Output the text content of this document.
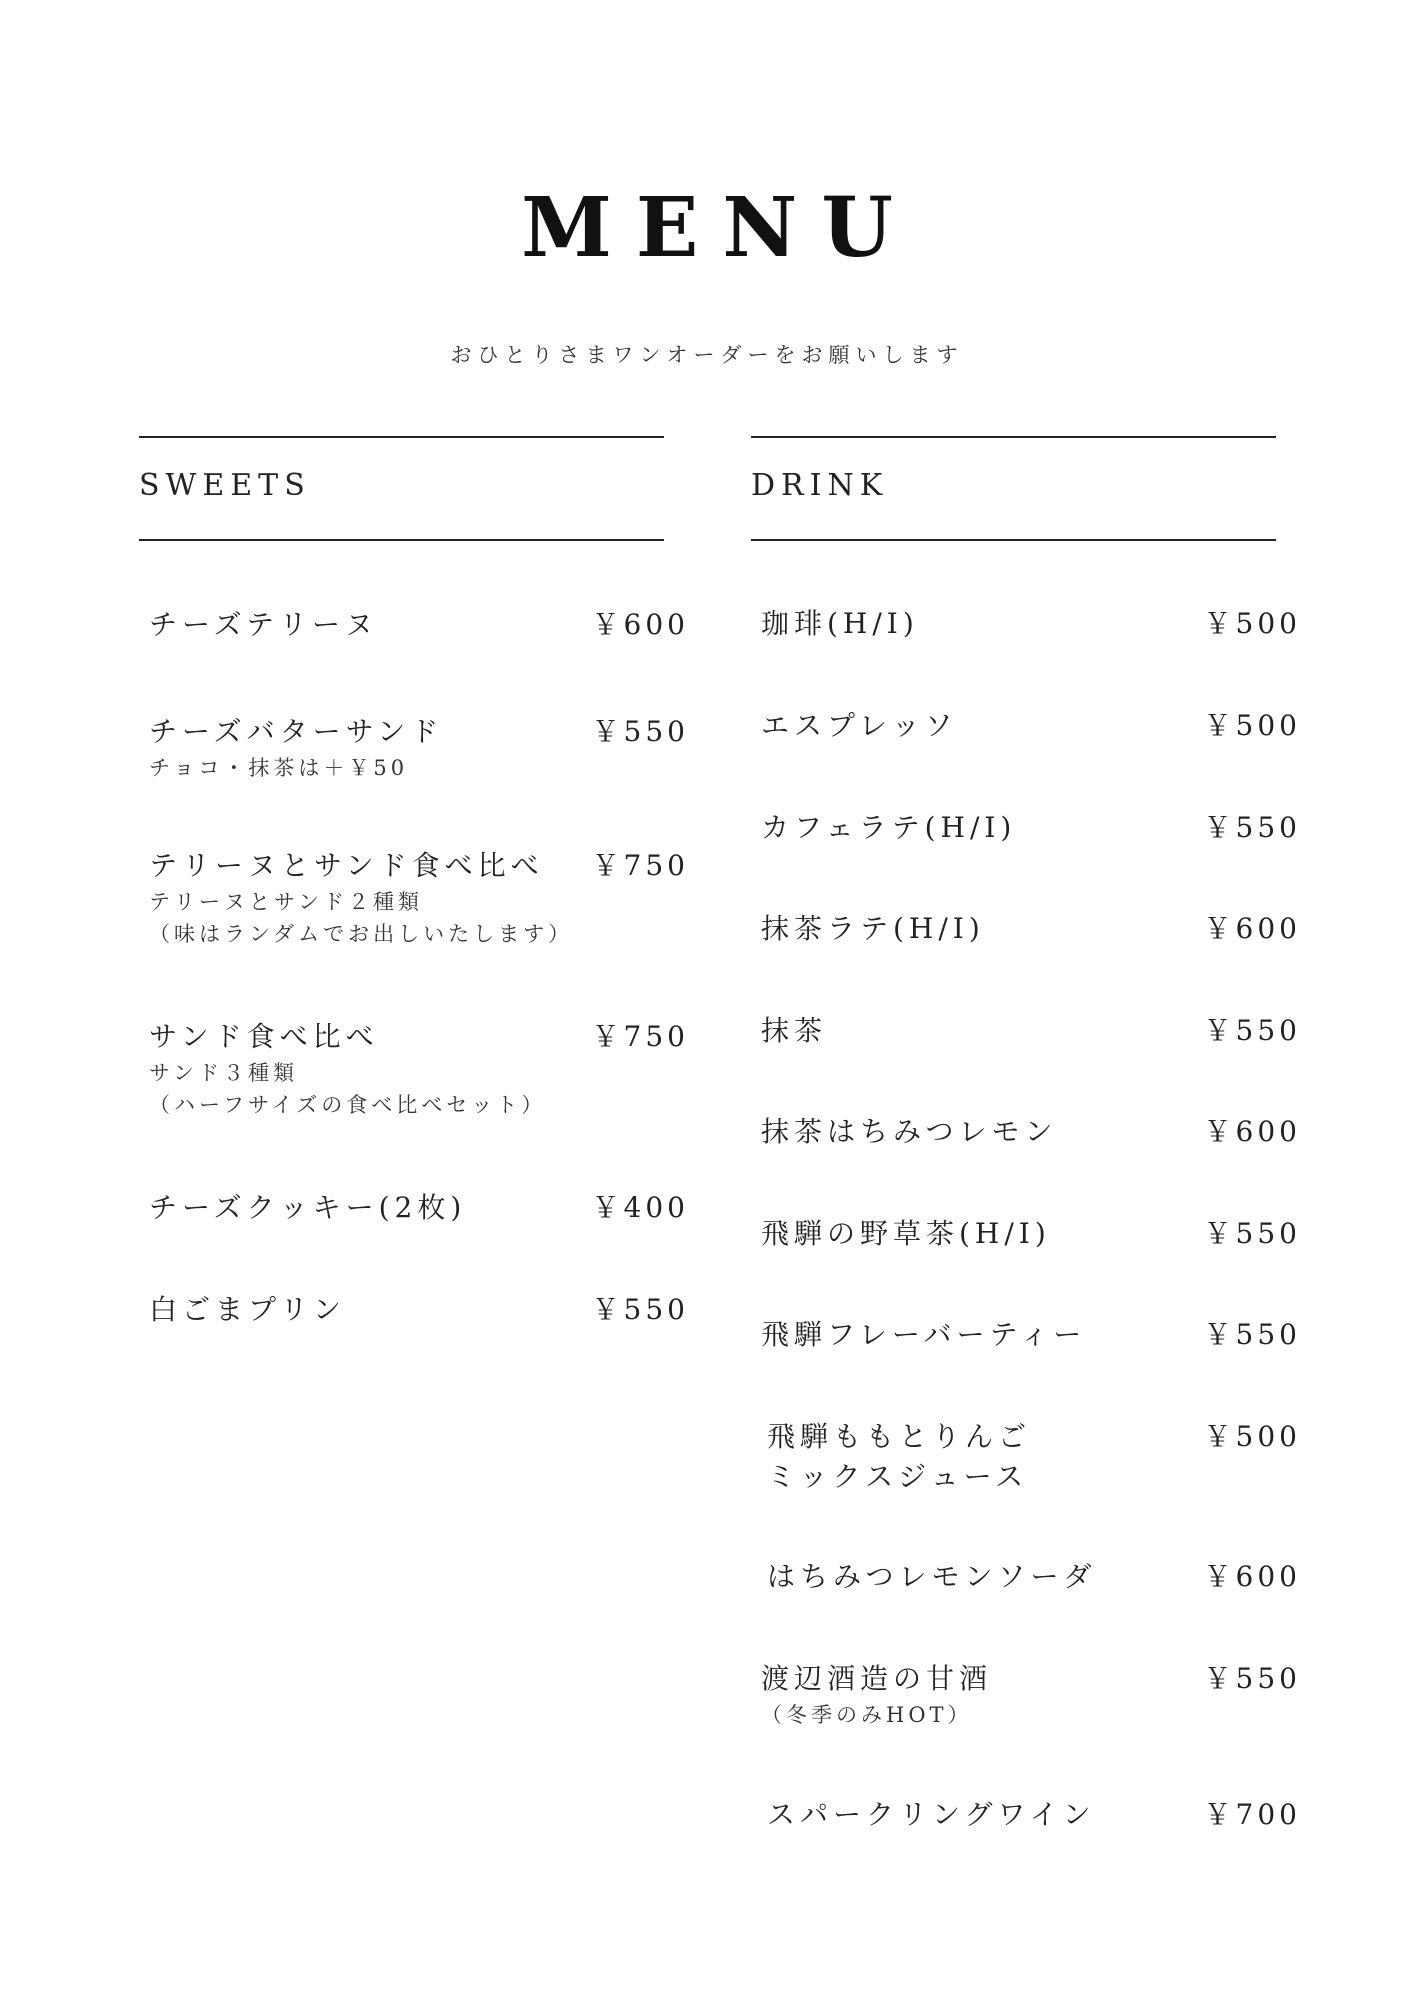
MENU
おひとりさまワンオーダーをお願いします
SWEETS
チーズテリーヌ	￥600
チーズバターサンド	￥550
チョコ・抹茶は＋￥50
テリーヌとサンド食べ比べ	￥750
テリーヌとサンド２種類
（味はランダムでお出しいたします）
サンド食べ比べ	￥750
サンド３種類
（ハーフサイズの食べ比べセット）
チーズクッキー(2枚)	￥400
白ごまプリン	￥550
DRINK
珈琲(H/I)	￥500
エスプレッソ	￥500
カフェラテ(H/I)	￥550
抹茶ラテ(H/I)	￥600
抹茶	￥550
抹茶はちみつレモン	￥600
飛騨の野草茶(H/I)	￥550
飛騨フレーバーティー	￥550
飛騨ももとりんご	￥500
ミックスジュース
はちみつレモンソーダ	￥600
渡辺酒造の甘酒	￥550
（冬季のみHOT）
スパークリングワイン	￥700
